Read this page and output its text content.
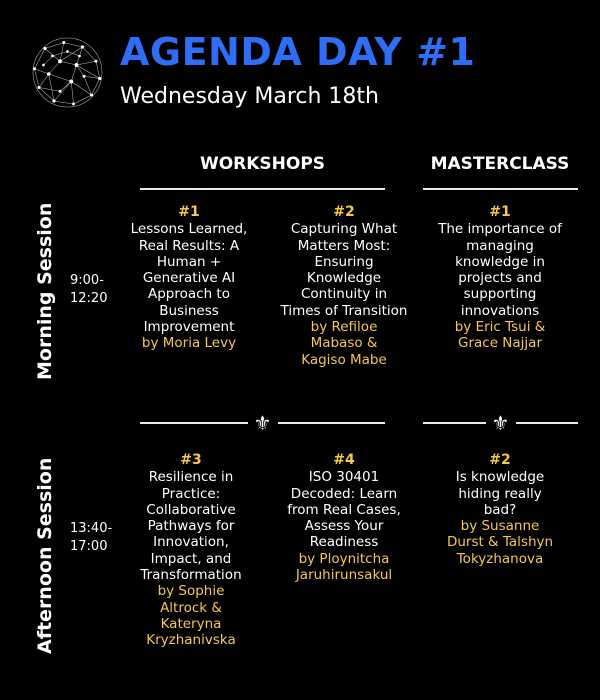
AGENDA DAY #1
Wednesday March 18th
WORKSHOPS	MASTERCLASS
Morning Session 9:00-
12:20
Afternoon Session 13:40-
17:00
#1
Lessons Learned, Real Results: A Human + Generative AI Approach to Business Improvement
by Moria Levy
#2
Capturing What Matters Most: Ensuring Knowledge Continuity in Times of Transition
by Refiloe Mabaso & Kagiso Mabe
#1
The importance of managing knowledge in projects and supporting innovations
by Eric Tsui & Grace Najjar
⚜	⚜
#3
Resilience in Practice: Collaborative Pathways for Innovation, Impact, and Transformation
by Sophie Altrock & Kateryna Kryzhanivska
#4
ISO 30401 Decoded: Learn from Real Cases, Assess Your Readiness
by Ploynitcha Jaruhirunsakul
#2
Is knowledge hiding really bad?
by Susanne Durst & Talshyn Tokyzhanova
